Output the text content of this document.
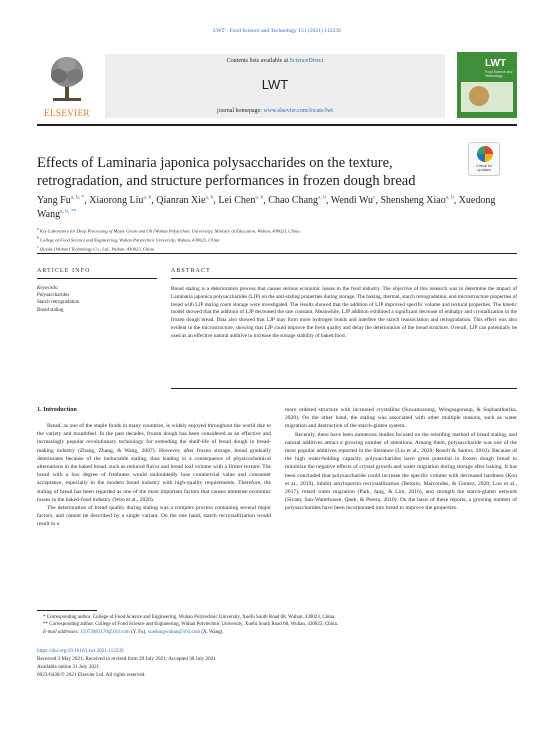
LWT - Food Science and Technology 151 (2021) 112239
ELSEVIER
Contents lists available at ScienceDirect
LWT
journal homepage: www.elsevier.com/locate/lwt
LWT
Food Science and Technology
Effects of Laminaria japonica polysaccharides on the texture, retrogradation, and structure performances in frozen dough bread
Check for updates
Yang $Fu^{a, b, *}$, Xiaorong Liu$^{a, b}$, Qianran Xie$^{a, b}$, Lei Chen$^{a, b}$, Chao Chang$^{a, b}$, Wendi Wu$^c$, Shensheng Xiao$^{a, b}$, Xuedong Wang$^{a, b, **}$
$^a$ Key Laboratory for Deep Processing of Major Grain and Oil (Wuhan Polytechnic University), Ministry of Education, Wuhan, 430023, China
$^b$ College of Food Science and Engineering, Wuhan Polytechnic University, Wuhan, 430023, China
$^c$ Qiaoke (Wuhan) Technology Co., Ltd., Wuhan, 430023, China
ARTICLE INFO	ABSTRACT
Keywords:
Polysaccharides
Starch retrogradation
Bread staling
Bread staling is a deterioration process that causes serious economic losses in the food industry. The objective of this research was to determine the impact of Laminaria japonica polysaccharides (LJP) on the anti-staling properties during storage. The baking, thermal, starch retrogradation, and microstructure properties of bread with LJP during room storage were investigated. The results showed that the addition of LJP improved specific volume and textural properties. The kinetic model showed that the addition of LJP decreased the rate constant. Meanwhile, LJP addition exhibited a significant decrease of enthalpy and crystallization in the frozen dough bread. Data also showed that LJP may form more hydrogen bonds and interfere the starch reassociation and retrogradation. This effect was also evident in the microstructure, showing that LJP could improve the fresh quality and delay the deterioration of the bread structure. Overall, LJP can potentially be used as an effective natural additive to increase the storage stability of baked food.
1. Introduction

Bread, as one of the staple foods in many countries, is widely enjoyed throughout the world due to the variety and mouthfeel. In the past decades, frozen dough has been considered as an effective and increasingly popular revolutionary technology for extending the shelf-life of bread dough in bread-making industry (Zhang, Zhang, & Wang, 2007). However, after frozen storage, bread gradually deteriorates because of the ineluctable staling, thus leading to a consequence of physicochemical alternations in the baked bread, such as reduced flavor and bread loaf volume with a firmer texture. The bread with a low degree of freshness would undoubtedly lose commercial value and consumer acceptance, especially in the modern bread industry with high-quality requirements. Therefore, the staling of bread has been regarded as one of the most important factors that causes immense economic losses in the baked-food industry (Woo et al., 2020).

The deterioration of bread quality during staling was a complex process containing several major factors, and cannot be described by a single variant. On the one hand, starch recrystallization would result in a

more ordered structure with increased crystalline (Suwannarong, Wongsagonsup, & Suphantharika, 2020). On the other hand, the staling was associated with other multiple reasons, such as water migration and destruction of the starch-gluten system.

Recently, there have been numerous studies focused on the retarding method of bread staling, and natural additives attract a growing number of attentions. Among them, polysaccharide was one of the most popular additives reported in the literature (Liu et al., 2020; Rosell & Santos, 2010). Because of the high water-holding capacity, polysaccharides have great potential in frozen dough bread to minimize the negative effects of crystal growth and water migration during storage after baking. It has been concluded that polysaccharide could increase the specific volume with decreased hardness (Kou et al., 2019), inhibit amylopectin recrystallization (Belorio, Marcondes, & Gomez, 2020; Luo et al., 2017), retard water migration (Park, Jang, & Lim, 2016), and strength the starch-gluten network (Sivam, Sun-Waterhouse, Quek, & Perera, 2010). On the basis of these reports, a growing number of polysaccharides have been incorporated into bread to improve the properties.

* Corresponding author. College of Food Science and Engineering, Wuhan Polytechnic University, Xuefu South Road 68, Wuhan, 430023, China.
** Corresponding author. College of Food Science and Engineering, Wuhan Polytechnic University, Xuefu South Road 68, Wuhan, 430023, China.
E-mail addresses: 15972083170@163.com (Y. Fu), xuedongwuhan@163.com (X. Wang).
https://doi.org/10.1016/j.lwt.2021.112239
Received 3 May 2021; Received in revised form 29 July 2021; Accepted 30 July 2021
Available online 31 July 2021
0023-6438/© 2021 Elsevier Ltd. All rights reserved.
